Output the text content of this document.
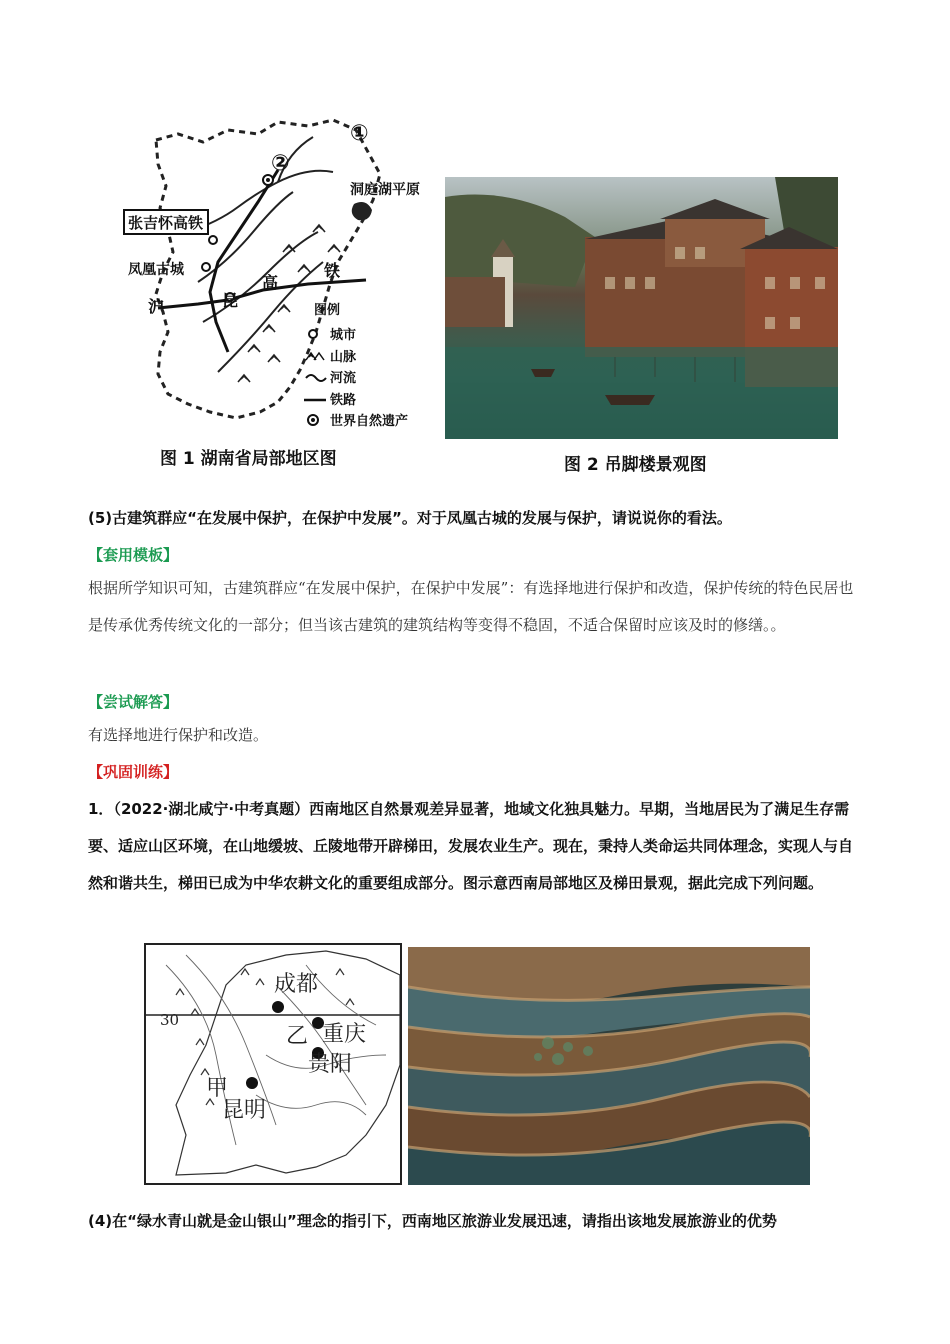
①
②
洞庭湖平原
张吉怀高铁
凤凰古城
沪	昆
高
铁
图例
城市
山脉
河流
铁路
世界自然遗产
图 1 湖南省局部地区图	图 2 吊脚楼景观图
(5)古建筑群应“在发展中保护，在保护中发展”。对于凤凰古城的发展与保护，请说说你的看法。
【套用模板】
根据所学知识可知，古建筑群应“在发展中保护，在保护中发展”：有选择地进行保护和改造，保护传统的特色民居也是传承优秀传统文化的一部分；但当该古建筑的建筑结构等变得不稳固，不适合保留时应该及时的修缮。。
【尝试解答】
有选择地进行保护和改造。
【巩固训练】
1．（2022·湖北咸宁·中考真题）西南地区自然景观差异显著，地域文化独具魅力。早期，当地居民为了满足生存需要、适应山区环境，在山地缓坡、丘陵地带开辟梯田，发展农业生产。现在，秉持人类命运共同体理念，实现人与自然和谐共生，梯田已成为中华农耕文化的重要组成部分。图示意西南局部地区及梯田景观，据此完成下列问题。
成都
重庆
贵阳
昆明
甲
乙
30
(4)在“绿水青山就是金山银山”理念的指引下，西南地区旅游业发展迅速，请指出该地发展旅游业的优势
